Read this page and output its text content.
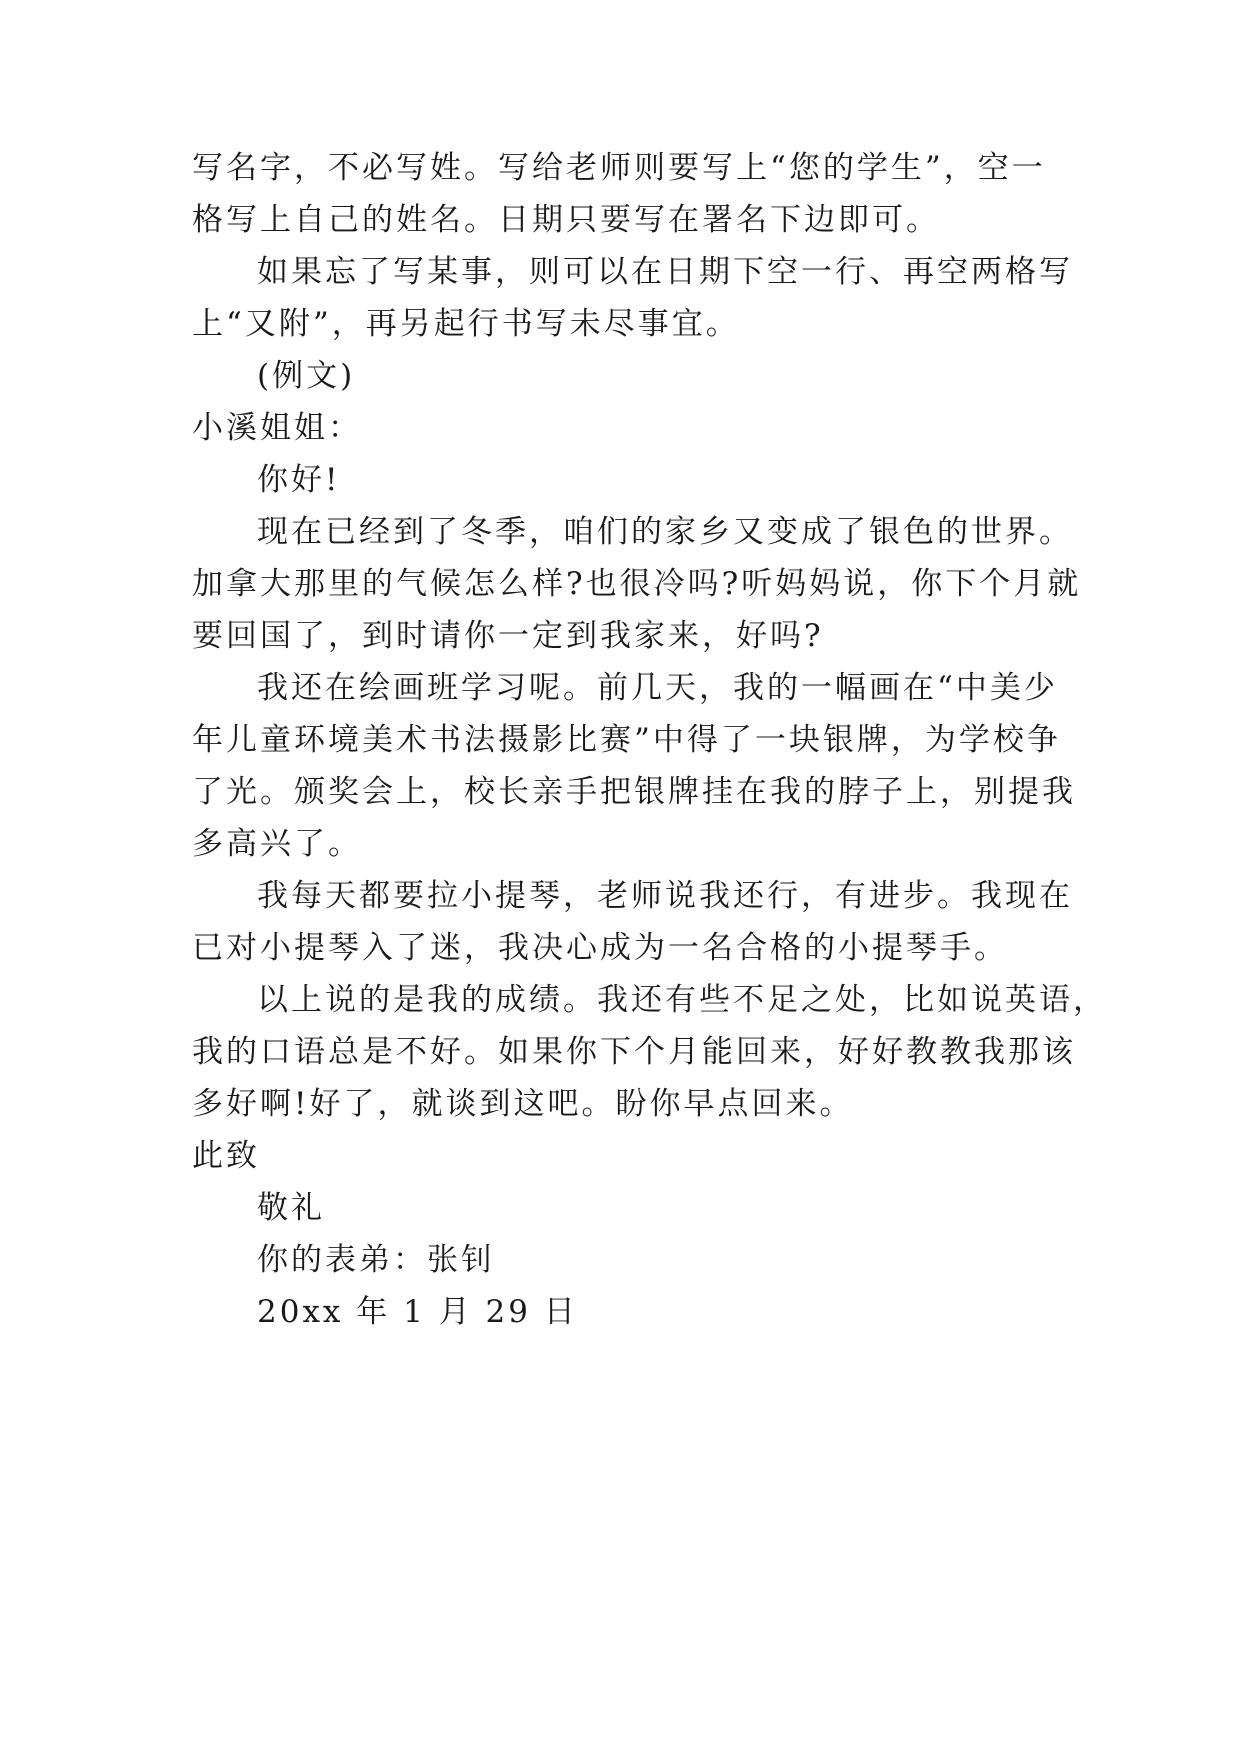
写名字，不必写姓。写给老师则要写上“您的学生”，空一
格写上自己的姓名。日期只要写在署名下边即可。
如果忘了写某事，则可以在日期下空一行、再空两格写
上“又附”，再另起行书写未尽事宜。
(例文)
小溪姐姐：
你好!
现在已经到了冬季，咱们的家乡又变成了银色的世界。
加拿大那里的气候怎么样?也很冷吗?听妈妈说，你下个月就
要回国了，到时请你一定到我家来，好吗?
我还在绘画班学习呢。前几天，我的一幅画在“中美少
年儿童环境美术书法摄影比赛”中得了一块银牌，为学校争
了光。颁奖会上，校长亲手把银牌挂在我的脖子上，别提我
多高兴了。
我每天都要拉小提琴，老师说我还行，有进步。我现在
已对小提琴入了迷，我决心成为一名合格的小提琴手。
以上说的是我的成绩。我还有些不足之处，比如说英语，
我的口语总是不好。如果你下个月能回来，好好教教我那该
多好啊!好了，就谈到这吧。盼你早点回来。
此致
敬礼
你的表弟：张钊
20xx 年 1 月 29 日
